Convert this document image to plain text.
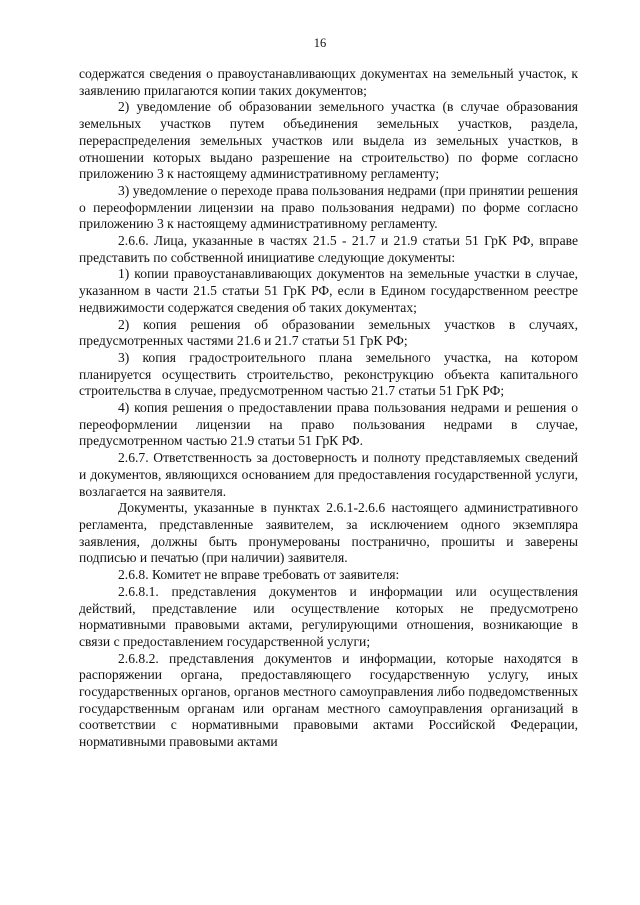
16

содержатся сведения о правоустанавливающих документах на земельный участок, к заявлению прилагаются копии таких документов;

2) уведомление об образовании земельного участка (в случае образования земельных участков путем объединения земельных участков, раздела, перераспределения земельных участков или выдела из земельных участков, в отношении которых выдано разрешение на строительство) по форме согласно приложению 3 к настоящему административному регламенту;

3) уведомление о переходе права пользования недрами (при принятии решения о переоформлении лицензии на право пользования недрами) по форме согласно приложению 3 к настоящему административному регламенту.

2.6.6. Лица, указанные в частях 21.5 - 21.7 и 21.9 статьи 51 ГрК РФ, вправе представить по собственной инициативе следующие документы:

1) копии правоустанавливающих документов на земельные участки в случае, указанном в части 21.5 статьи 51 ГрК РФ, если в Едином государственном реестре недвижимости содержатся сведения об таких документах;

2) копия решения об образовании земельных участков в случаях, предусмотренных частями 21.6 и 21.7 статьи 51 ГрК РФ;

3) копия градостроительного плана земельного участка, на котором планируется осуществить строительство, реконструкцию объекта капитального строительства в случае, предусмотренном частью 21.7 статьи 51 ГрК РФ;

4) копия решения о предоставлении права пользования недрами и решения о переоформлении лицензии на право пользования недрами в случае, предусмотренном частью 21.9 статьи 51 ГрК РФ.

2.6.7. Ответственность за достоверность и полноту представляемых сведений и документов, являющихся основанием для предоставления государственной услуги, возлагается на заявителя.

Документы, указанные в пунктах 2.6.1-2.6.6 настоящего административного регламента, представленные заявителем, за исключением одного экземпляра заявления, должны быть пронумерованы постранично, прошиты и заверены подписью и печатью (при наличии) заявителя.

2.6.8. Комитет не вправе требовать от заявителя:

2.6.8.1. представления документов и информации или осуществления действий, представление или осуществление которых не предусмотрено нормативными правовыми актами, регулирующими отношения, возникающие в связи с предоставлением государственной услуги;

2.6.8.2. представления документов и информации, которые находятся в распоряжении органа, предоставляющего государственную услугу, иных государственных органов, органов местного самоуправления либо подведомственных государственным органам или органам местного самоуправления организаций в соответствии с нормативными правовыми актами Российской Федерации, нормативными правовыми актами
